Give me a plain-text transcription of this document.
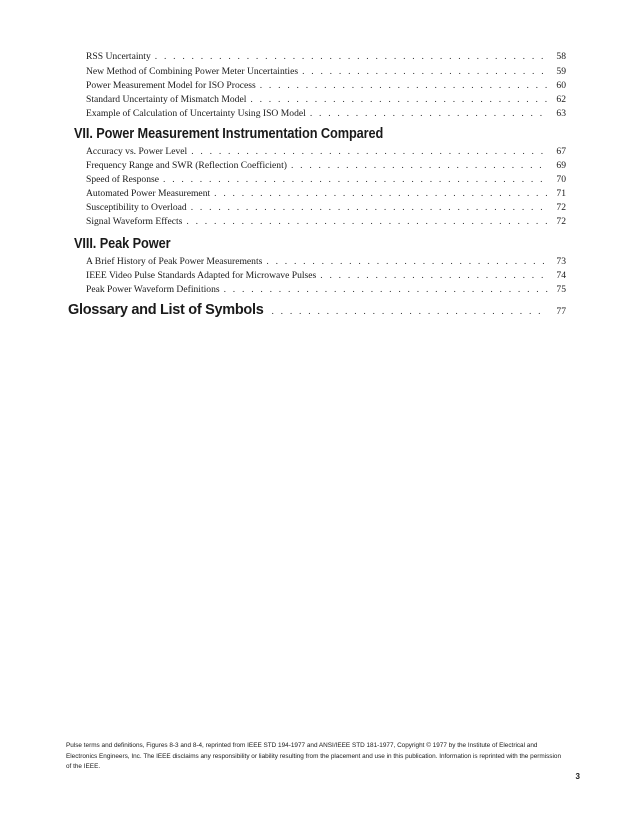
RSS Uncertainty . . .	58
New Method of Combining Power Meter Uncertainties . . .	59
Power Measurement Model for ISO Process . . .	60
Standard Uncertainty of Mismatch Model . . .	62
Example of Calculation of Uncertainty Using ISO Model . . .	63
VII. Power Measurement Instrumentation Compared
Accuracy vs. Power Level . . .	67
Frequency Range and SWR (Reflection Coefficient) . . .	69
Speed of Response . . .	70
Automated Power Measurement . . .	71
Susceptibility to Overload . . .	72
Signal Waveform Effects . . .	72
VIII. Peak Power
A Brief History of Peak Power Measurements . . .	73
IEEE Video Pulse Standards Adapted for Microwave Pulses . . .	74
Peak Power Waveform Definitions . . .	75
Glossary and List of Symbols . . .	77
Pulse terms and definitions, Figures 8-3 and 8-4, reprinted from IEEE STD 194-1977 and ANSI/IEEE STD 181-1977, Copyright © 1977 by the Institute of Electrical and Electronics Engineers, Inc. The IEEE disclaims any responsibility or liability resulting from the placement and use in this publication. Information is reprinted with the permission of the IEEE.
3
